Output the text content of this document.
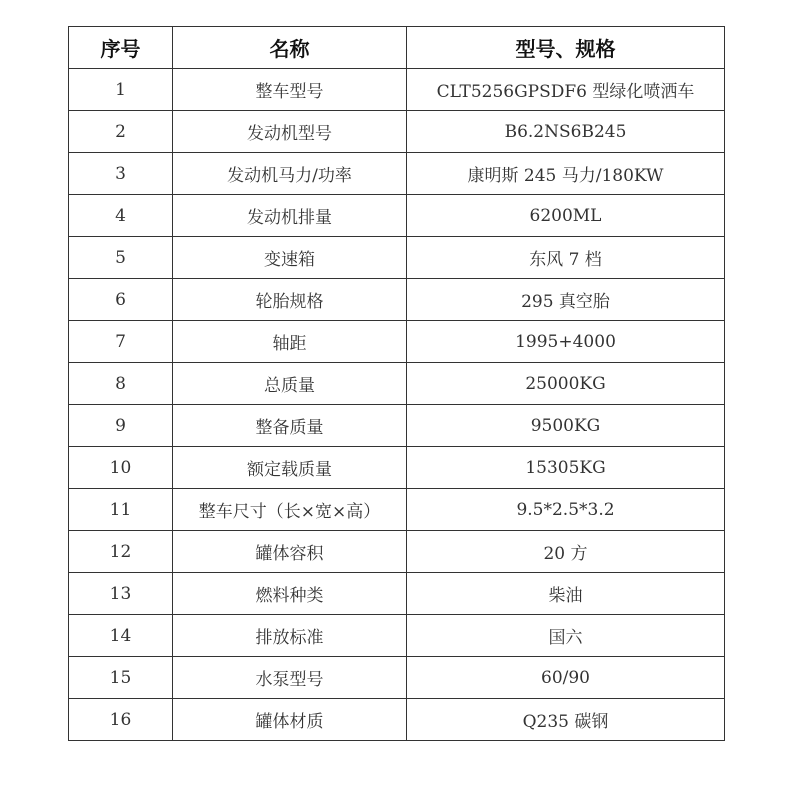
序号	名称	型号、规格
1	整车型号	CLT5256GPSDF6 型绿化喷洒车
2	发动机型号	B6.2NS6B245
3	发动机马力/功率	康明斯 245 马力/180KW
4	发动机排量	6200ML
5	变速箱	东风 7 档
6	轮胎规格	295 真空胎
7	轴距	1995+4000
8	总质量	25000KG
9	整备质量	9500KG
10	额定载质量	15305KG
11	整车尺寸（长×宽×高）	9.5*2.5*3.2
12	罐体容积	20 方
13	燃料种类	柴油
14	排放标准	国六
15	水泵型号	60/90
16	罐体材质	Q235 碳钢
